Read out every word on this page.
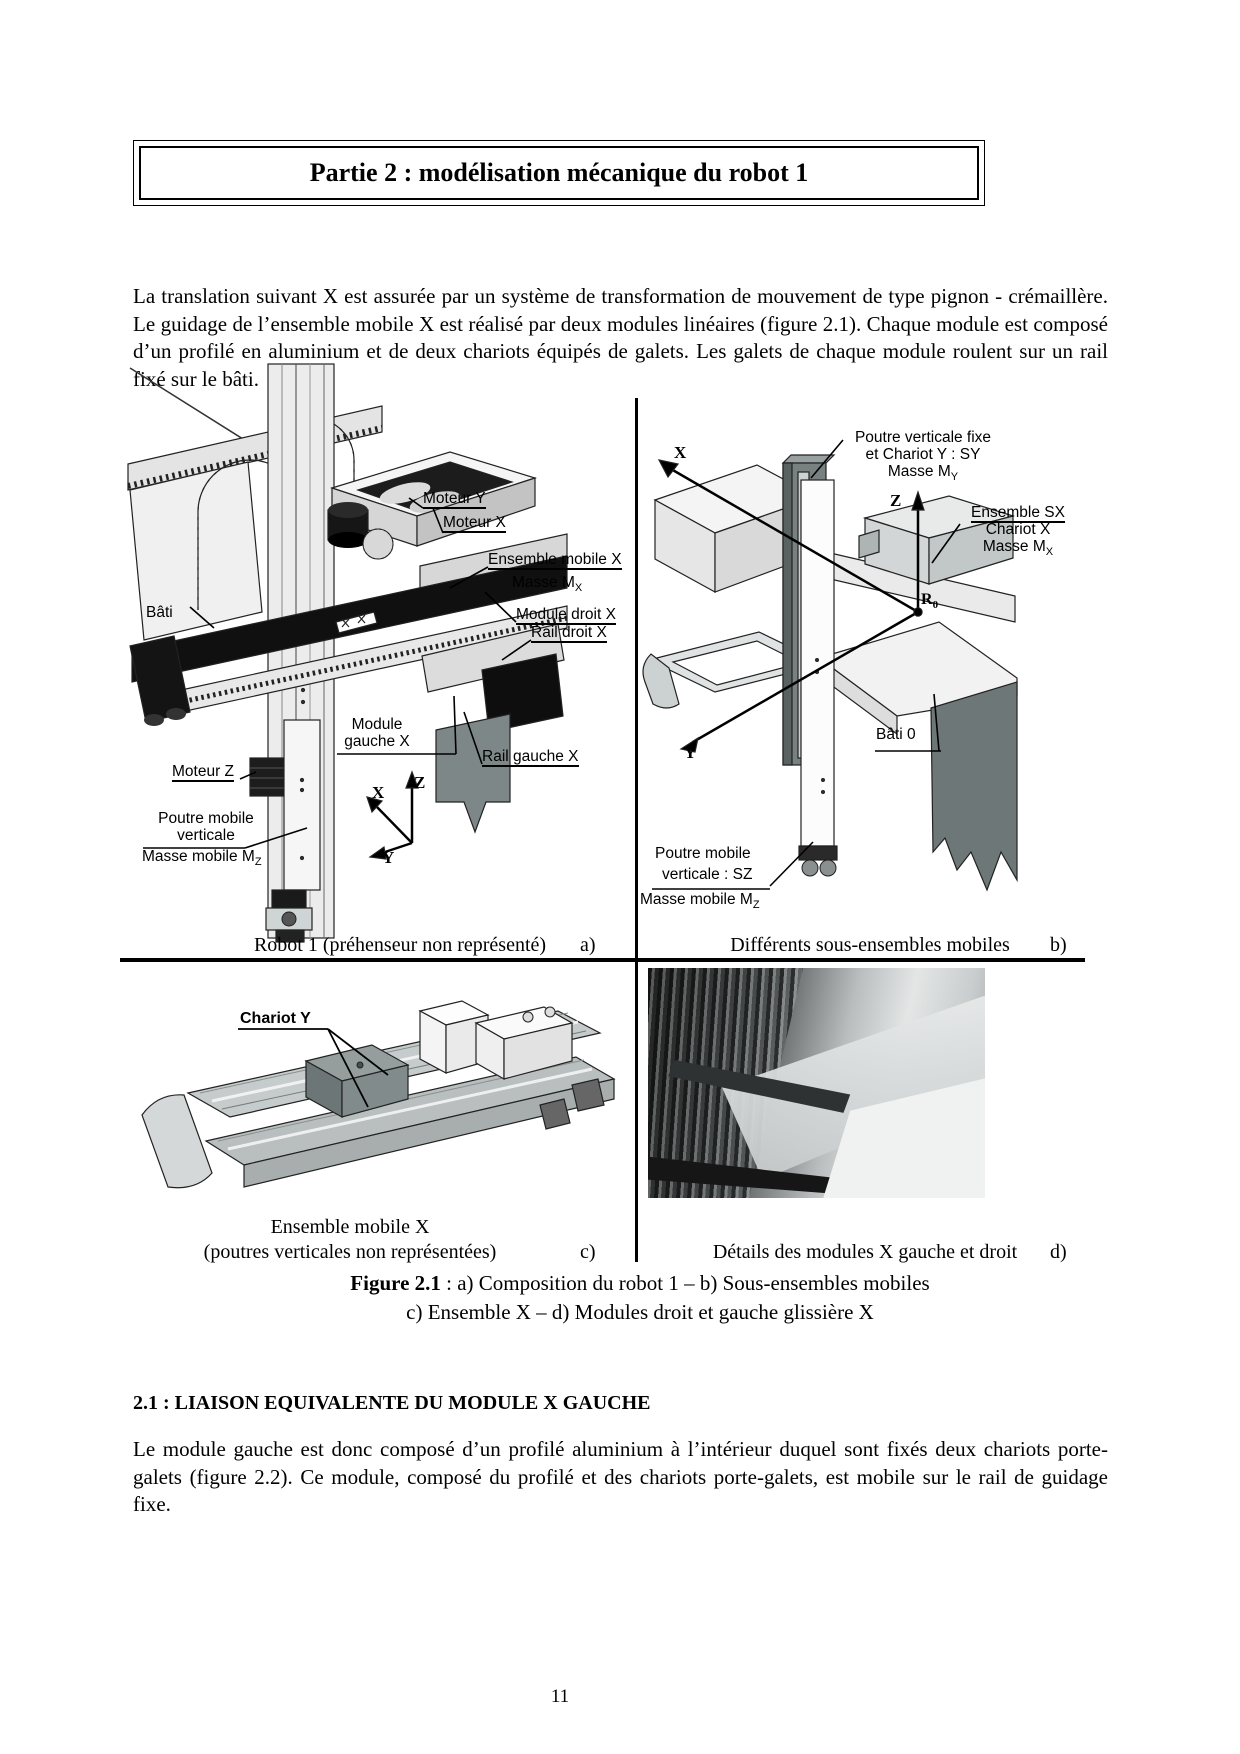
Partie 2 : modélisation mécanique du robot 1
La translation suivant X est assurée par un système de transformation de mouvement de type pignon - crémaillère. Le guidage de l’ensemble mobile X est réalisé par deux modules linéaires (figure 2.1). Chaque module est composé d’un profilé en aluminium et de deux chariots équipés de galets. Les galets de chaque module roulent sur un rail fixé sur le bâti.
Moteur Y
Moteur X
Ensemble mobile X
Masse $M_X$
Module droit X
Rail droit X
Bâti
Module
gauche X
Rail gauche X
Moteur Z
Poutre mobile
verticale
Masse mobile $M_Z$
X
Z
Y
Robot 1 (préhenseur non représenté)	a)
Poutre verticale fixe
et Chariot Y : SY
Masse $M_Y$
Ensemble SX
Chariot X
Masse $M_X$
$R_0$
Bâti 0
Poutre mobile
verticale : SZ
Masse mobile $M_Z$
X
Z
Y
Différents sous-ensembles mobiles	b)
Chariot Y
Ensemble mobile X
(poutres verticales non représentées)	c)	Détails des modules X gauche et droit	d)
Figure 2.1 : a) Composition du robot 1 – b) Sous-ensembles mobiles
c) Ensemble X – d) Modules droit et gauche glissière X
2.1 : LIAISON EQUIVALENTE DU MODULE X GAUCHE
Le module gauche est donc composé d’un profilé aluminium à l’intérieur duquel sont fixés deux chariots porte-galets (figure 2.2). Ce module, composé du profilé et des chariots porte-galets, est mobile sur le rail de guidage fixe.
11
